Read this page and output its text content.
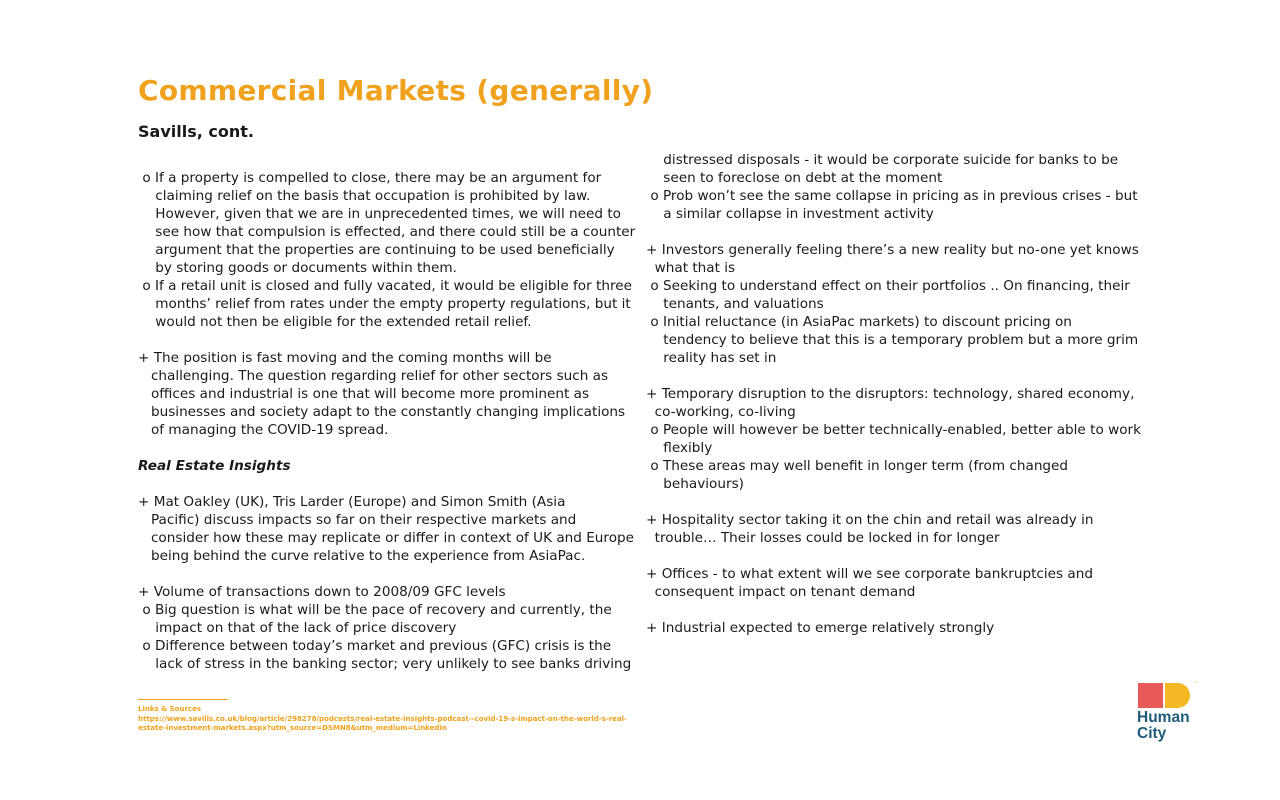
Commercial Markets (generally)
Savills, cont.
o If a property is compelled to close, there may be an argument for
claiming relief on the basis that occupation is prohibited by law.
However, given that we are in unprecedented times, we will need to
see how that compulsion is effected, and there could still be a counter
argument that the properties are continuing to be used beneficially
by storing goods or documents within them.
o If a retail unit is closed and fully vacated, it would be eligible for three
months’ relief from rates under the empty property regulations, but it
would not then be eligible for the extended retail relief.
+ The position is fast moving and the coming months will be
challenging. The question regarding relief for other sectors such as
offices and industrial is one that will become more prominent as
businesses and society adapt to the constantly changing implications
of managing the COVID-19 spread.
Real Estate Insights
+ Mat Oakley (UK), Tris Larder (Europe) and Simon Smith (Asia
Pacific) discuss impacts so far on their respective markets and
consider how these may replicate or differ in context of UK and Europe
being behind the curve relative to the experience from AsiaPac.
+ Volume of transactions down to 2008/09 GFC levels
o Big question is what will be the pace of recovery and currently, the
impact on that of the lack of price discovery
o Difference between today’s market and previous (GFC) crisis is the
lack of stress in the banking sector; very unlikely to see banks driving
distressed disposals - it would be corporate suicide for banks to be
seen to foreclose on debt at the moment
o Prob won’t see the same collapse in pricing as in previous crises - but
a similar collapse in investment activity
+ Investors generally feeling there’s a new reality but no-one yet knows
what that is
o Seeking to understand effect on their portfolios .. On financing, their
tenants, and valuations
o Initial reluctance (in AsiaPac markets) to discount pricing on
tendency to believe that this is a temporary problem but a more grim
reality has set in
+ Temporary disruption to the disruptors: technology, shared economy,
co-working, co-living
o People will however be better technically-enabled, better able to work
flexibly
o These areas may well benefit in longer term (from changed
behaviours)
+ Hospitality sector taking it on the chin and retail was already in
trouble… Their losses could be locked in for longer
+ Offices - to what extent will we see corporate bankruptcies and
consequent impact on tenant demand
+ Industrial expected to emerge relatively strongly
Links & Sources
https://www.savills.co.uk/blog/article/298278/podcasts/real-estate-insights-podcast--covid-19-s-impact-on-the-world-s-real-
estate-investment-markets.aspx?utm_source=DSMN8&utm_medium=Linkedin
™
Human
City
